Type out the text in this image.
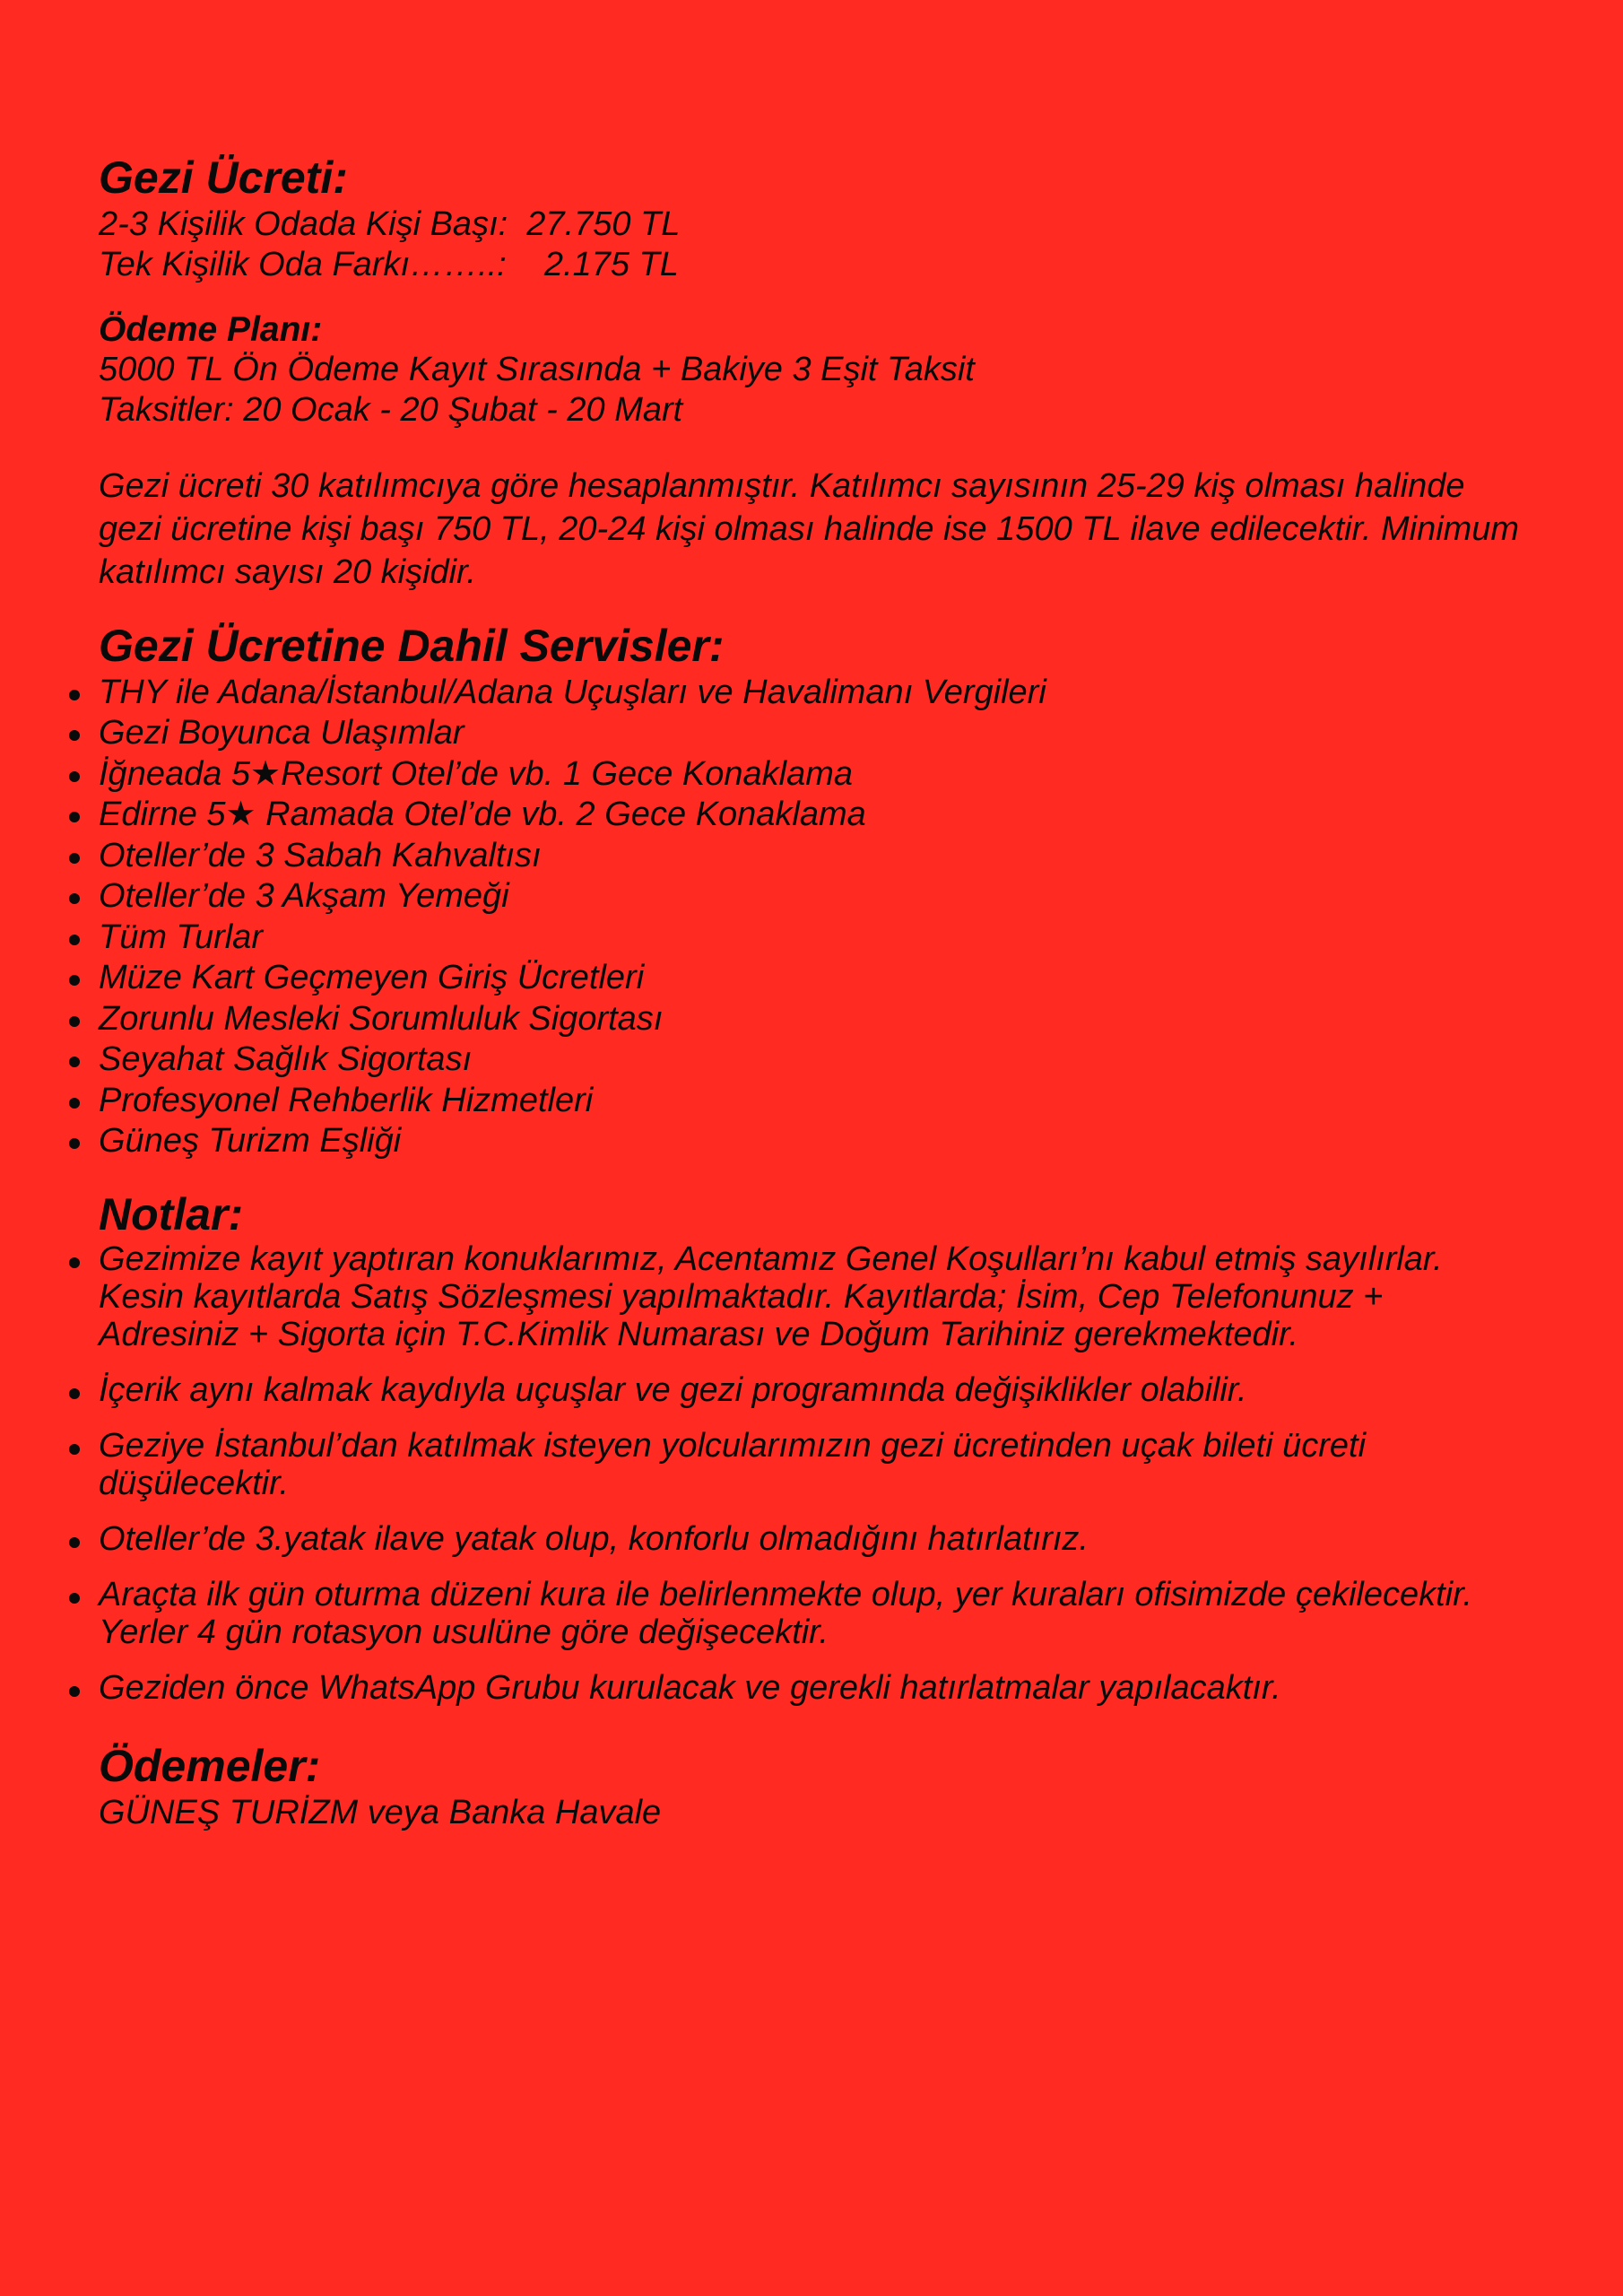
Gezi Ücreti:
2-3 Kişilik Odada Kişi Başı:  27.750 TL
Tek Kişilik Oda Farkı……..:    2.175 TL
Ödeme Planı:
5000 TL Ön Ödeme Kayıt Sırasında + Bakiye 3 Eşit Taksit
Taksitler: 20 Ocak - 20 Şubat - 20 Mart

Gezi ücreti 30 katılımcıya göre hesaplanmıştır. Katılımcı sayısının 25-29 kiş olması halinde gezi ücretine kişi başı 750 TL, 20-24 kişi olması halinde ise 1500 TL ilave edilecektir. Minimum katılımcı sayısı 20 kişidir.

Gezi Ücretine Dahil Servisler:
THY ile Adana/İstanbul/Adana Uçuşları ve Havalimanı Vergileri
Gezi Boyunca Ulaşımlar
İğneada 5★Resort Otel’de vb. 1 Gece Konaklama
Edirne 5★ Ramada Otel’de vb. 2 Gece Konaklama
Oteller’de 3 Sabah Kahvaltısı
Oteller’de 3 Akşam Yemeği
Tüm Turlar
Müze Kart Geçmeyen Giriş Ücretleri
Zorunlu Mesleki Sorumluluk Sigortası
Seyahat Sağlık Sigortası
Profesyonel Rehberlik Hizmetleri
Güneş Turizm Eşliği
Notlar:
Gezimize kayıt yaptıran konuklarımız, Acentamız Genel Koşulları’nı kabul etmiş sayılırlar. Kesin kayıtlarda Satış Sözleşmesi yapılmaktadır. Kayıtlarda; İsim, Cep Telefonunuz + Adresiniz + Sigorta için T.C.Kimlik Numarası ve Doğum Tarihiniz gerekmektedir.
İçerik aynı kalmak kaydıyla uçuşlar ve gezi programında değişiklikler olabilir.
Geziye İstanbul’dan katılmak isteyen yolcularımızın gezi ücretinden uçak bileti ücreti düşülecektir.
Oteller’de 3.yatak ilave yatak olup, konforlu olmadığını hatırlatırız.
Araçta ilk gün oturma düzeni kura ile belirlenmekte olup, yer kuraları ofisimizde çekilecektir. Yerler 4 gün rotasyon usulüne göre değişecektir.
Geziden önce WhatsApp Grubu kurulacak ve gerekli hatırlatmalar yapılacaktır.
Ödemeler:
GÜNEŞ TURİZM veya Banka Havale
